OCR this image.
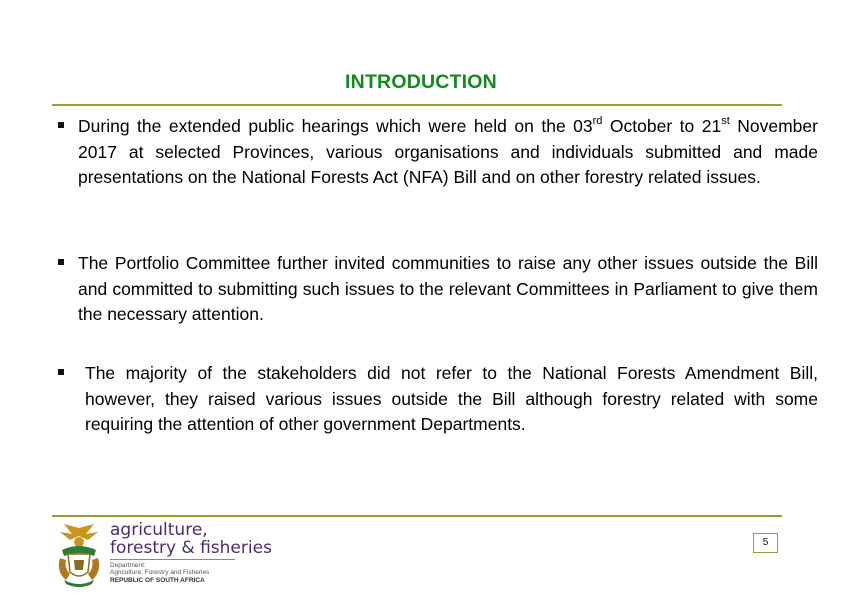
INTRODUCTION
During the extended public hearings which were held on the 03rd October to 21st November 2017 at selected Provinces, various organisations and individuals submitted and made presentations on the National Forests Act (NFA) Bill and on other forestry related issues.
The Portfolio Committee further invited communities to raise any other issues outside the Bill and committed to submitting such issues to the relevant Committees in Parliament to give them the necessary attention.
The majority of the stakeholders did not refer to the National Forests Amendment Bill, however, they raised various issues outside the Bill although forestry related with some requiring the attention of other government Departments.
agriculture,
forestry & fisheries
Department:
Agriculture, Forestry and Fisheries
REPUBLIC OF SOUTH AFRICA
5
